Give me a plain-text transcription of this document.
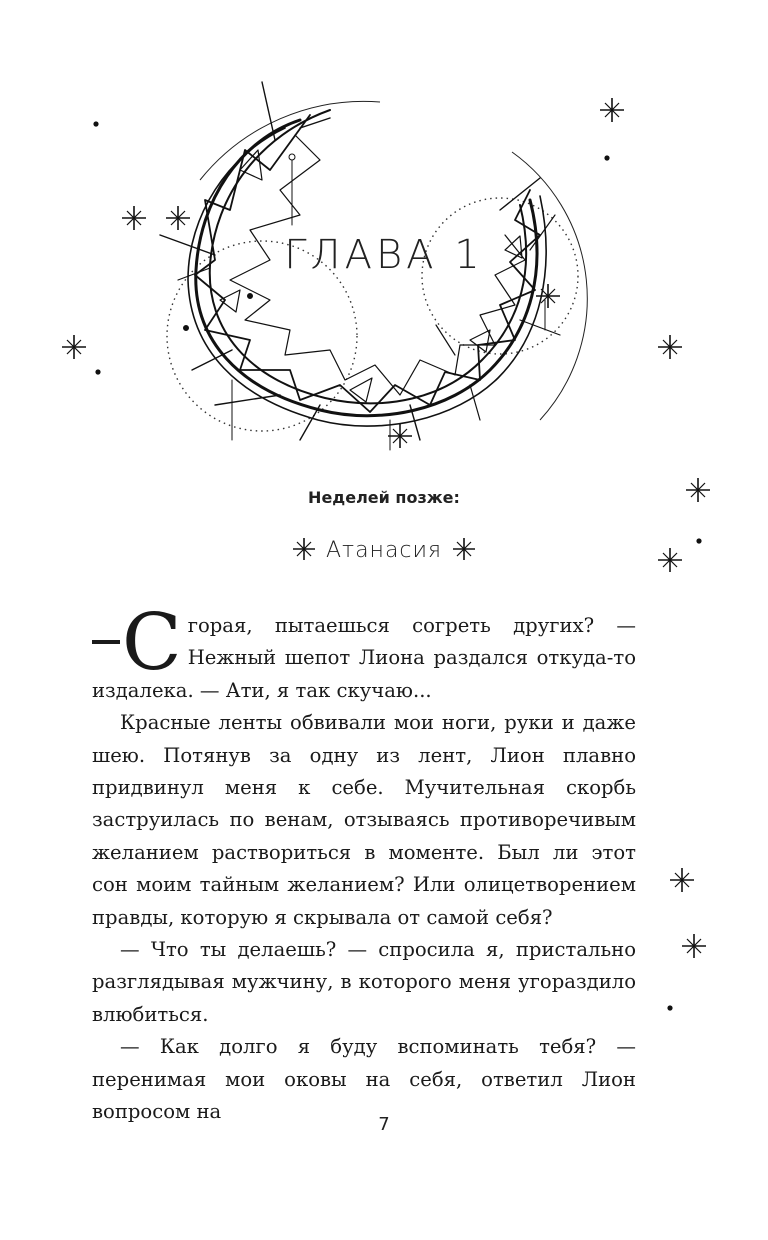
ГЛАВА 1
Неделей позже:
Атанасия

Сгорая, пытаешься согреть других? — Нежный шепот Лиона раздался откуда-то издалека. — Ати, я так скучаю...

Красные ленты обвивали мои ноги, руки и даже шею. Потянув за одну из лент, Лион плавно придвинул меня к себе. Мучительная скорбь заструилась по венам, отзываясь противоречивым желанием раствориться в моменте. Был ли этот сон моим тайным желанием? Или олицетворением правды, которую я скрывала от самой себя?

— Что ты делаешь? — спросила я, пристально разглядывая мужчину, в которого меня угораздило влюбиться.

— Как долго я буду вспоминать тебя? — перенимая мои оковы на себя, ответил Лион вопросом на

7
